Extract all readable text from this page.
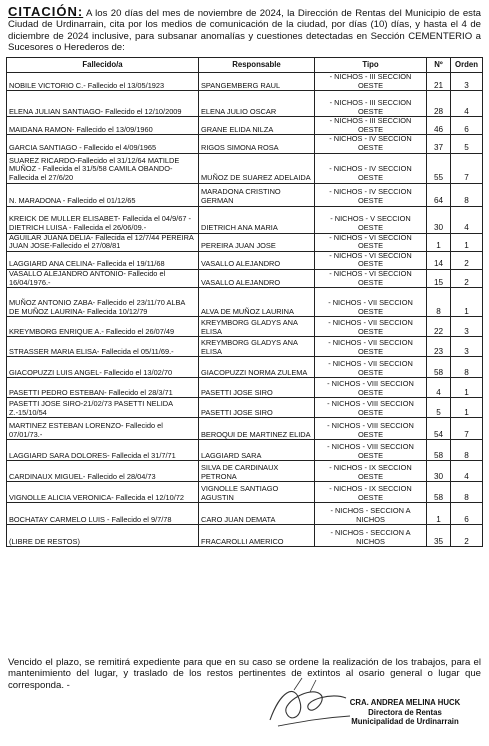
CITACIÓN: A los 20 días del mes de noviembre de 2024, la Dirección de Rentas del Municipio de esta Ciudad de Urdinarrain, cita por los medios de comunicación de la ciudad, por días (10) días, y hasta el 4 de diciembre de 2024 inclusive, para subsanar anomalías y cuestiones detectadas en Sección CEMENTERIO a Sucesores o Herederos de:
Fallecido/a	Responsable	Tipo	Nº	Orden
NOBILE VICTORIO C.- Fallecido el 13/05/1923	SPANGEMBERG RAUL	- NICHOS - III SECCION OESTE	21	3
ELENA JULIAN SANTIAGO- Fallecido el 12/10/2009	ELENA JULIO OSCAR	- NICHOS - III SECCION OESTE	28	4
MAIDANA RAMON- Fallecido el 13/09/1960	GRANE ELIDA NILZA	- NICHOS - III SECCION OESTE	46	6
GARCIA SANTIAGO - Fallecido el 4/09/1965	RIGOS SIMONA ROSA	- NICHOS - IV SECCION OESTE	37	5
SUAREZ RICARDO-Fallecido el 31/12/64 MATILDE MUÑOZ - Fallecida el 31/5/58 CAMILA OBANDO- Fallecida el 27/6/20	MUÑOZ DE SUAREZ ADELAIDA	- NICHOS - IV SECCION OESTE	55	7
N. MARADONA - Fallecido el 01/12/65	MARADONA CRISTINO GERMAN	- NICHOS - IV SECCION OESTE	64	8
KREICK DE MULLER ELISABET- Fallecida el 04/9/67 - DIETRICH LUISA - Fallecida el 26/06/09.-	DIETRICH ANA MARIA	- NICHOS - V SECCION OESTE	30	4
AGUILAR JUANA DELIA- Fallecida el 12/7/44 PEREIRA JUAN JOSE-Fallecido el 27/08/81	PEREIRA JUAN JOSE	- NICHOS - VI SECCION OESTE	1	1
LAGGIARD ANA CELINA- Fallecida el 19/11/68	VASALLO ALEJANDRO	- NICHOS - VI SECCION OESTE	14	2
VASALLO ALEJANDRO ANTONIO- Fallecido el 16/04/1976.-	VASALLO ALEJANDRO	- NICHOS - VI SECCION OESTE	15	2
MUÑOZ ANTONIO ZABA- Fallecido el 23/11/70 ALBA DE MUÑOZ LAURINA- Fallecida 10/12/79	ALVA DE MUÑOZ LAURINA	- NICHOS - VII SECCION OESTE	8	1
KREYMBORG ENRIQUE A.- Fallecido el 26/07/49	KREYMBORG GLADYS ANA ELISA	- NICHOS - VII SECCION OESTE	22	3
STRASSER MARIA ELISA- Fallecida el 05/11/69.-	KREYMBORG GLADYS ANA ELISA	- NICHOS - VII SECCION OESTE	23	3
GIACOPUZZI LUIS ANGEL- Fallecido el 13/02/70	GIACOPUZZI NORMA ZULEMA	- NICHOS - VII SECCION OESTE	58	8
PASETTI PEDRO ESTEBAN- Fallecido el 28/3/71	PASETTI JOSE SIRO	- NICHOS - VIII SECCION OESTE	4	1
PASETTI JOSE SIRO-21/02/73 PASETTI NELIDA Z.-15/10/54	PASETTI JOSE SIRO	- NICHOS - VIII SECCION OESTE	5	1
MARTINEZ ESTEBAN LORENZO- Fallecido el 07/01/73.-	BEROQUI DE MARTINEZ ELIDA	- NICHOS - VIII SECCION OESTE	54	7
LAGGIARD SARA DOLORES- Fallecida el 31/7/71	LAGGIARD SARA	- NICHOS - VIII SECCION OESTE	58	8
CARDINAUX MIGUEL- Fallecido el 28/04/73	SILVA DE CARDINAUX PETRONA	- NICHOS - IX SECCION OESTE	30	4
VIGNOLLE ALICIA VERONICA- Fallecida el 12/10/72	VIGNOLLE SANTIAGO AGUSTIN	- NICHOS - IX SECCION OESTE	58	8
BOCHATAY CARMELO LUIS - Fallecido el 9/7/78	CARO JUAN DEMATA	- NICHOS - SECCION A NICHOS	1	6
(LIBRE DE RESTOS)	FRACAROLLI AMERICO	- NICHOS - SECCION A NICHOS	35	2
Vencido el plazo, se remitirá expediente para que en su caso se ordene la realización de los trabajos, para el mantenimiento del lugar, y traslado de los restos pertinentes de extintos al osario general o lugar que corresponda. -
CRA. ANDREA MELINA HUCK
Directora de Rentas
Municipalidad de Urdinarrain
